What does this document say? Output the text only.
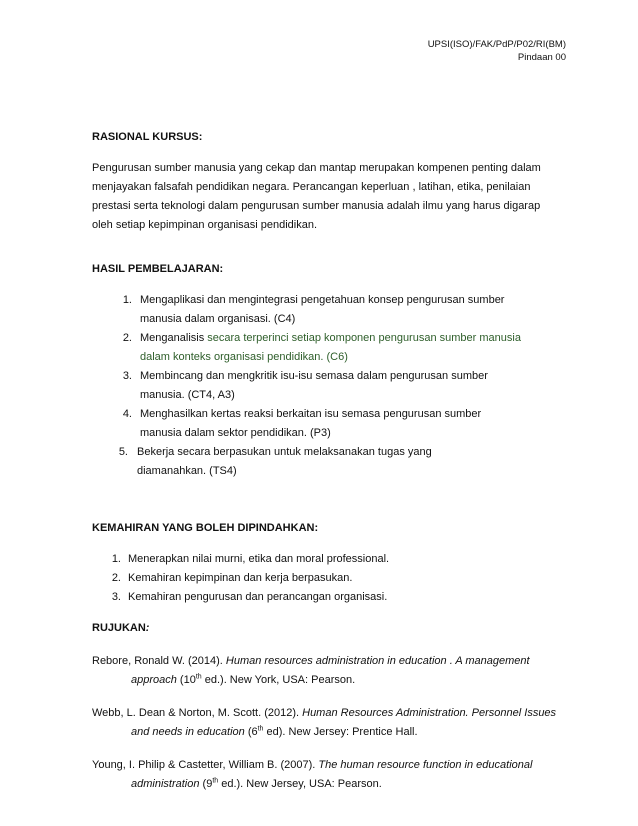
UPSI(ISO)/FAK/PdP/P02/RI(BM)
Pindaan 00

RASIONAL KURSUS:

Pengurusan sumber manusia yang cekap dan mantap merupakan kompenen penting dalam menjayakan falsafah pendidikan negara. Perancangan keperluan , latihan, etika, penilaian prestasi serta teknologi dalam pengurusan sumber manusia adalah ilmu yang harus digarap oleh setiap kepimpinan organisasi pendidikan.

HASIL PEMBELAJARAN:

1. Mengaplikasi dan mengintegrasi pengetahuan konsep pengurusan sumber
manusia dalam organisasi. (C4)
2. Menganalisis secara terperinci setiap komponen pengurusan sumber manusia
dalam konteks organisasi pendidikan. (C6)
3. Membincang dan mengkritik isu-isu semasa dalam pengurusan sumber
manusia. (CT4, A3)
4. Menghasilkan kertas reaksi berkaitan isu semasa pengurusan sumber
manusia dalam sektor pendidikan. (P3)
5. Bekerja secara berpasukan untuk melaksanakan tugas yang
diamanahkan. (TS4)

KEMAHIRAN YANG BOLEH DIPINDAHKAN:

1. Menerapkan nilai murni, etika dan moral professional.
2. Kemahiran kepimpinan dan kerja berpasukan.
3. Kemahiran pengurusan dan perancangan organisasi.

RUJUKAN:

Rebore, Ronald W. (2014). Human resources administration in education . A management approach (10th ed.). New York, USA: Pearson.

Webb, L. Dean & Norton, M. Scott. (2012). Human Resources Administration. Personnel Issues and needs in education (6th ed). New Jersey: Prentice Hall.

Young, I. Philip & Castetter, William B. (2007). The human resource function in educational administration (9th ed.). New Jersey, USA: Pearson.
